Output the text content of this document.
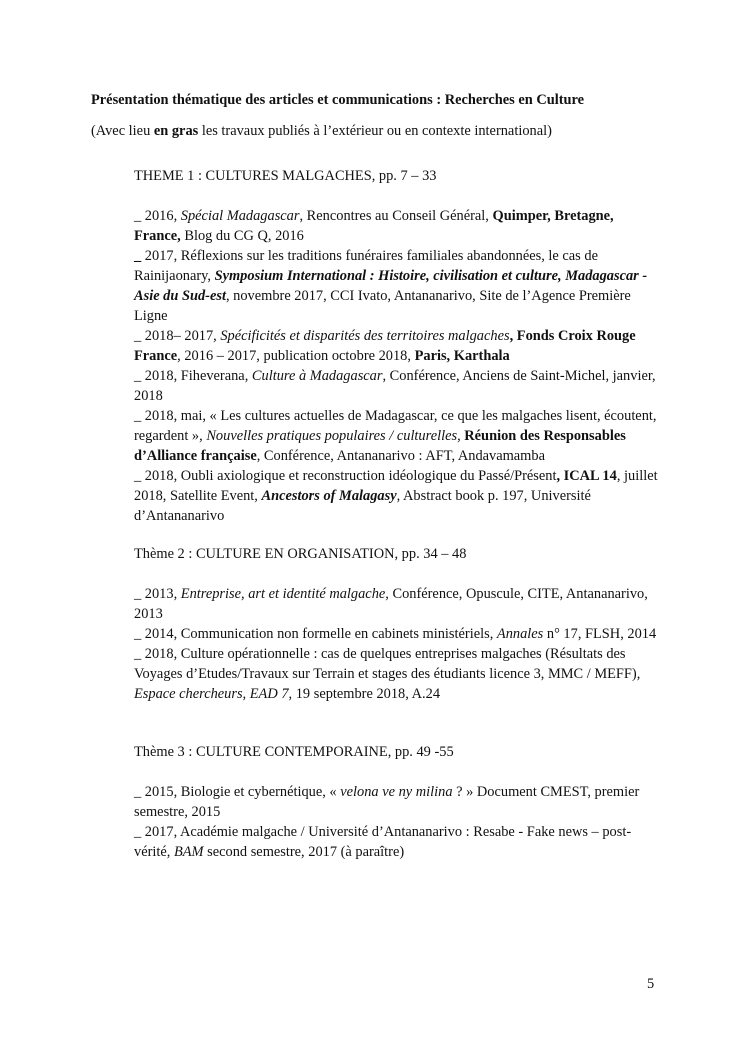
Présentation thématique des articles et communications : Recherches en Culture
(Avec lieu en gras les travaux publiés à l’extérieur ou en contexte international)
THEME 1 : CULTURES MALGACHES, pp. 7 – 33
_ 2016, Spécial Madagascar, Rencontres au Conseil Général, Quimper, Bretagne, France, Blog du CG Q, 2016
_ 2017, Réflexions sur les traditions funéraires familiales abandonnées, le cas de Rainijaonary, Symposium International : Histoire, civilisation et culture, Madagascar - Asie du Sud-est, novembre 2017, CCI Ivato, Antananarivo, Site de l’Agence Première Ligne
_ 2018– 2017, Spécificités et disparités des territoires malgaches, Fonds Croix Rouge France, 2016 – 2017, publication octobre 2018, Paris, Karthala
_ 2018, Fiheverana, Culture à Madagascar, Conférence, Anciens de Saint-Michel, janvier, 2018
_ 2018, mai, « Les cultures actuelles de Madagascar, ce que les malgaches lisent, écoutent, regardent », Nouvelles pratiques populaires / culturelles, Réunion des Responsables d’Alliance française, Conférence, Antananarivo : AFT, Andavamamba
_ 2018, Oubli axiologique et reconstruction idéologique du Passé/Présent, ICAL 14, juillet 2018, Satellite Event, Ancestors of Malagasy, Abstract book p. 197, Université d’Antananarivo
Thème 2 : CULTURE EN ORGANISATION, pp. 34 – 48
_ 2013, Entreprise, art et identité malgache, Conférence, Opuscule, CITE, Antananarivo, 2013
_ 2014, Communication non formelle en cabinets ministériels, Annales n° 17, FLSH, 2014
_ 2018, Culture opérationnelle : cas de quelques entreprises malgaches (Résultats des Voyages d’Etudes/Travaux sur Terrain et stages des étudiants licence 3, MMC / MEFF), Espace chercheurs, EAD 7, 19 septembre 2018, A.24
Thème 3 : CULTURE CONTEMPORAINE, pp. 49 -55
_ 2015, Biologie et cybernétique, « velona ve ny milina ? » Document CMEST, premier semestre, 2015
_ 2017, Académie malgache / Université d’Antananarivo : Resabe - Fake news – post-vérité, BAM second semestre, 2017 (à paraître)
5
